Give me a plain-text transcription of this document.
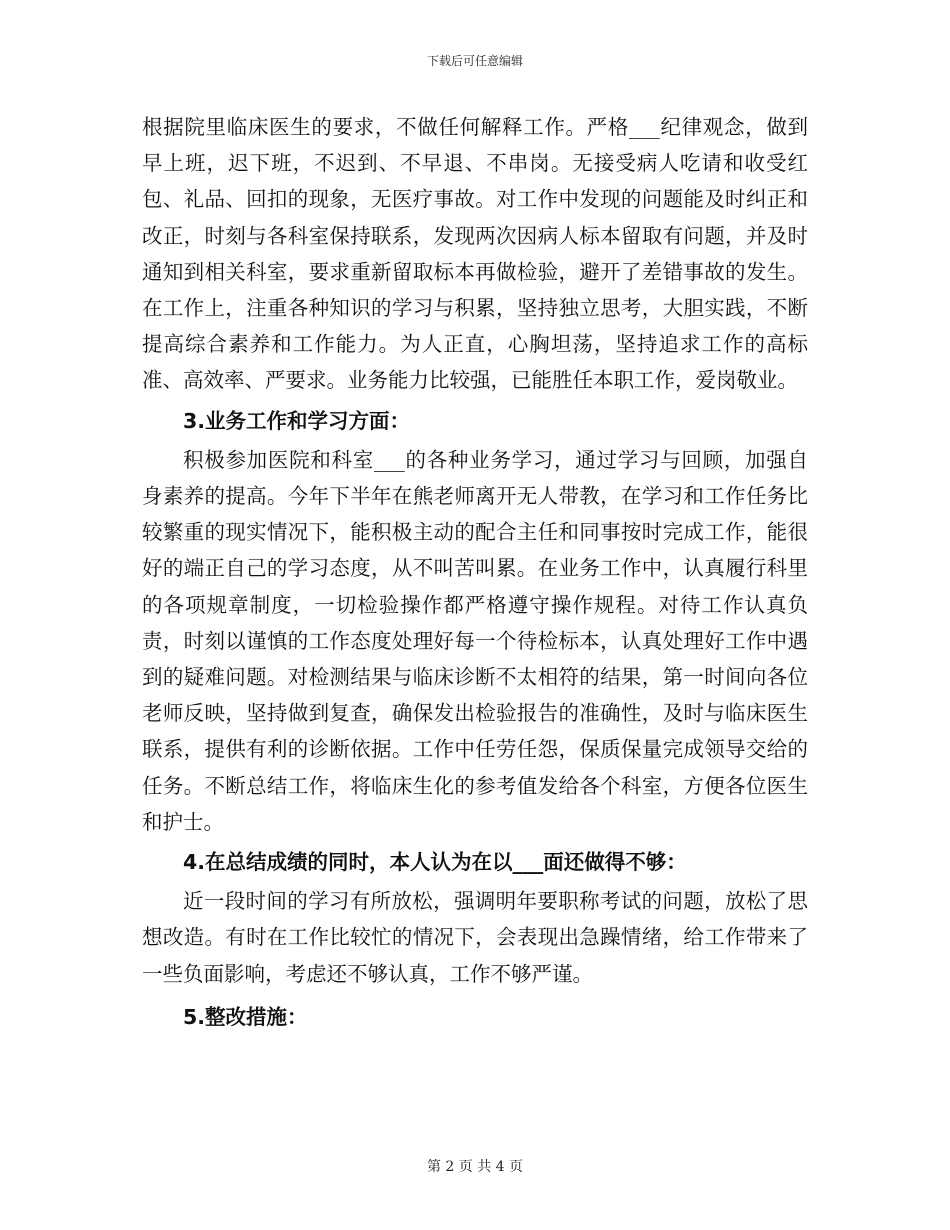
下载后可任意编辑

根据院里临床医生的要求，不做任何解释工作。严格___纪律观念，做到早上班，迟下班，不迟到、不早退、不串岗。无接受病人吃请和收受红包、礼品、回扣的现象，无医疗事故。对工作中发现的问题能及时纠正和改正，时刻与各科室保持联系，发现两次因病人标本留取有问题，并及时通知到相关科室，要求重新留取标本再做检验，避开了差错事故的发生。在工作上，注重各种知识的学习与积累，坚持独立思考，大胆实践，不断提高综合素养和工作能力。为人正直，心胸坦荡，坚持追求工作的高标准、高效率、严要求。业务能力比较强，已能胜任本职工作，爱岗敬业。

3.业务工作和学习方面：

积极参加医院和科室___的各种业务学习，通过学习与回顾，加强自身素养的提高。今年下半年在熊老师离开无人带教，在学习和工作任务比较繁重的现实情况下，能积极主动的配合主任和同事按时完成工作，能很好的端正自己的学习态度，从不叫苦叫累。在业务工作中，认真履行科里的各项规章制度，一切检验操作都严格遵守操作规程。对待工作认真负责，时刻以谨慎的工作态度处理好每一个待检标本，认真处理好工作中遇到的疑难问题。对检测结果与临床诊断不太相符的结果，第一时间向各位老师反映，坚持做到复查，确保发出检验报告的准确性，及时与临床医生联系，提供有利的诊断依据。工作中任劳任怨，保质保量完成领导交给的任务。不断总结工作，将临床生化的参考值发给各个科室，方便各位医生和护士。

4.在总结成绩的同时，本人认为在以___面还做得不够：

近一段时间的学习有所放松，强调明年要职称考试的问题，放松了思想改造。有时在工作比较忙的情况下，会表现出急躁情绪，给工作带来了一些负面影响，考虑还不够认真，工作不够严谨。

5.整改措施：
第 2 页 共 4 页
